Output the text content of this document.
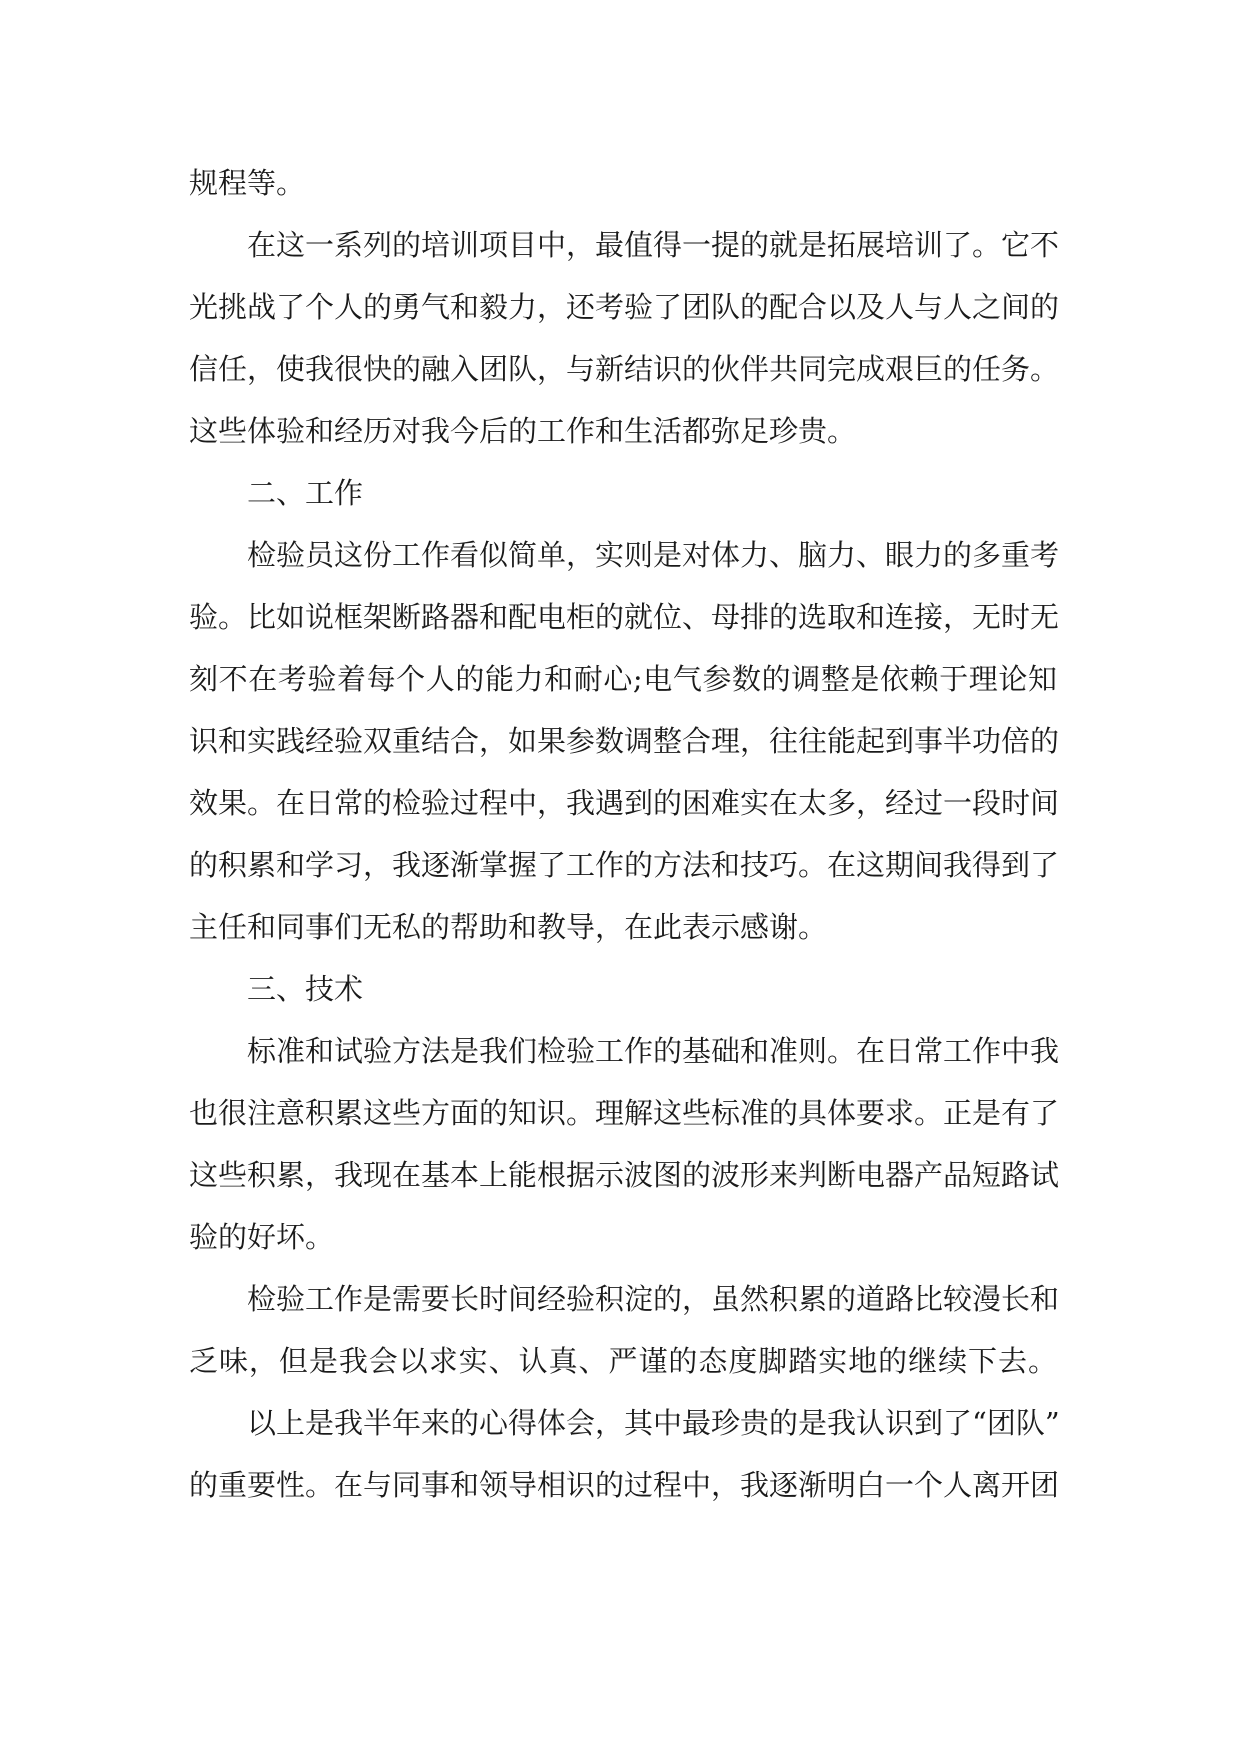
规程等。
在这一系列的培训项目中，最值得一提的就是拓展培训了。它不
光挑战了个人的勇气和毅力，还考验了团队的配合以及人与人之间的
信任，使我很快的融入团队，与新结识的伙伴共同完成艰巨的任务。
这些体验和经历对我今后的工作和生活都弥足珍贵。
二、工作
检验员这份工作看似简单，实则是对体力、脑力、眼力的多重考
验。比如说框架断路器和配电柜的就位、母排的选取和连接，无时无
刻不在考验着每个人的能力和耐心;电气参数的调整是依赖于理论知
识和实践经验双重结合，如果参数调整合理，往往能起到事半功倍的
效果。在日常的检验过程中，我遇到的困难实在太多，经过一段时间
的积累和学习，我逐渐掌握了工作的方法和技巧。在这期间我得到了
主任和同事们无私的帮助和教导，在此表示感谢。
三、技术
标准和试验方法是我们检验工作的基础和准则。在日常工作中我
也很注意积累这些方面的知识。理解这些标准的具体要求。正是有了
这些积累，我现在基本上能根据示波图的波形来判断电器产品短路试
验的好坏。
检验工作是需要长时间经验积淀的，虽然积累的道路比较漫长和
乏味，但是我会以求实、认真、严谨的态度脚踏实地的继续下去。
以上是我半年来的心得体会，其中最珍贵的是我认识到了“团队”
的重要性。在与同事和领导相识的过程中，我逐渐明白一个人离开团
